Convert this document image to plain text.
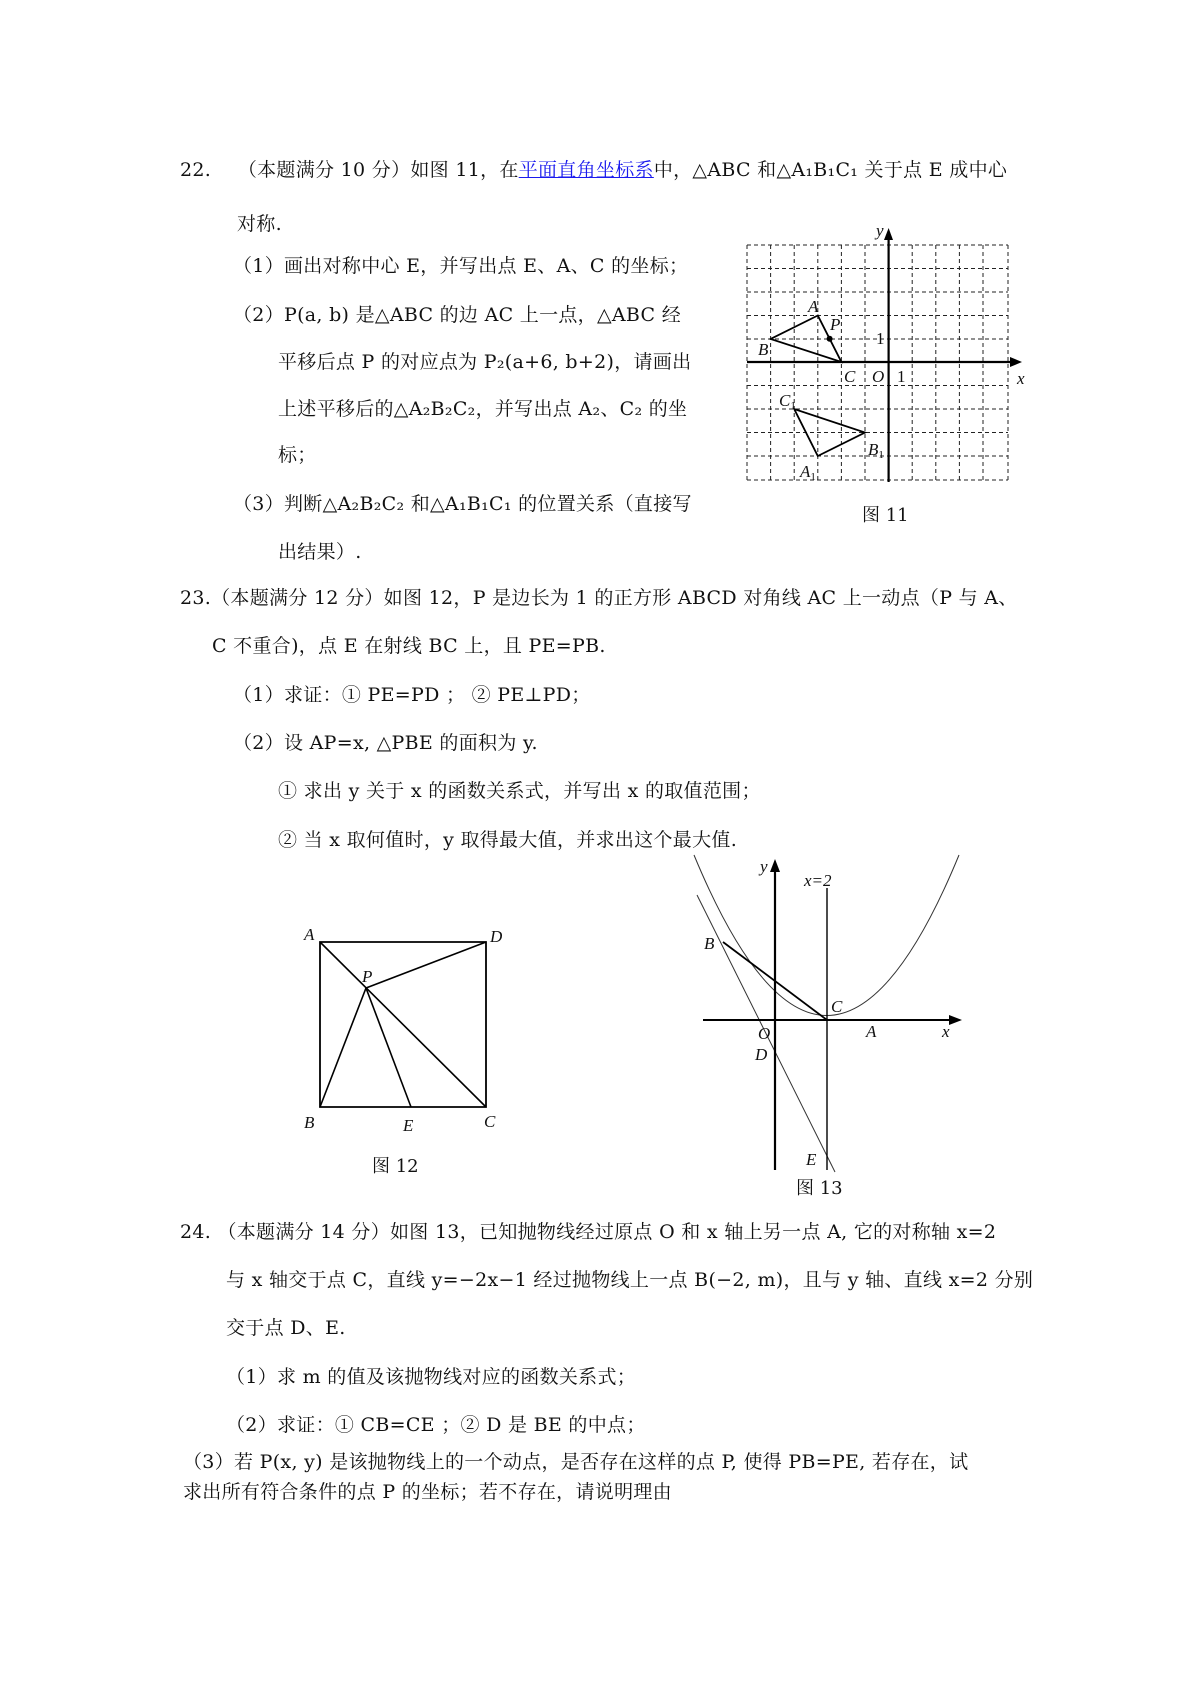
22. （本题满分 10 分）如图 11，在平面直角坐标系中，△ABC 和△A₁B₁C₁ 关于点 E 成中心
对称.
（1）画出对称中心 E，并写出点 E、A、C 的坐标；
（2）P(a, b) 是△ABC 的边 AC 上一点，△ABC 经
平移后点 P 的对应点为 P₂(a+6, b+2)，请画出
上述平移后的△A₂B₂C₂，并写出点 A₂、C₂ 的坐
标；
（3）判断△A₂B₂C₂ 和△A₁B₁C₁ 的位置关系（直接写
出结果）.
A
P
B
C O 1
1
y
x
C1
B1
A1
图 11
23.（本题满分 12 分）如图 12，P 是边长为 1 的正方形 ABCD 对角线 AC 上一动点（P 与 A、
C 不重合)，点 E 在射线 BC 上，且 PE=PB.
（1）求证：① PE=PD ； ② PE⊥PD；
（2）设 AP=x, △PBE 的面积为 y.
① 求出 y 关于 x 的函数关系式，并写出 x 的取值范围；
② 当 x 取何值时，y 取得最大值，并求出这个最大值.
A	D
P
B	E	C
图 12
y
x=2
B
C
O	A	x
D
E
图 13
24. （本题满分 14 分）如图 13，已知抛物线经过原点 O 和 x 轴上另一点 A, 它的对称轴 x=2
与 x 轴交于点 C，直线 y=−2x−1 经过抛物线上一点 B(−2, m)，且与 y 轴、直线 x=2 分别
交于点 D、E.
（1）求 m 的值及该抛物线对应的函数关系式；
（2）求证：① CB=CE ；② D 是 BE 的中点；
（3）若 P(x, y) 是该抛物线上的一个动点，是否存在这样的点 P, 使得 PB=PE, 若存在，试
求出所有符合条件的点 P 的坐标；若不存在，请说明理由
